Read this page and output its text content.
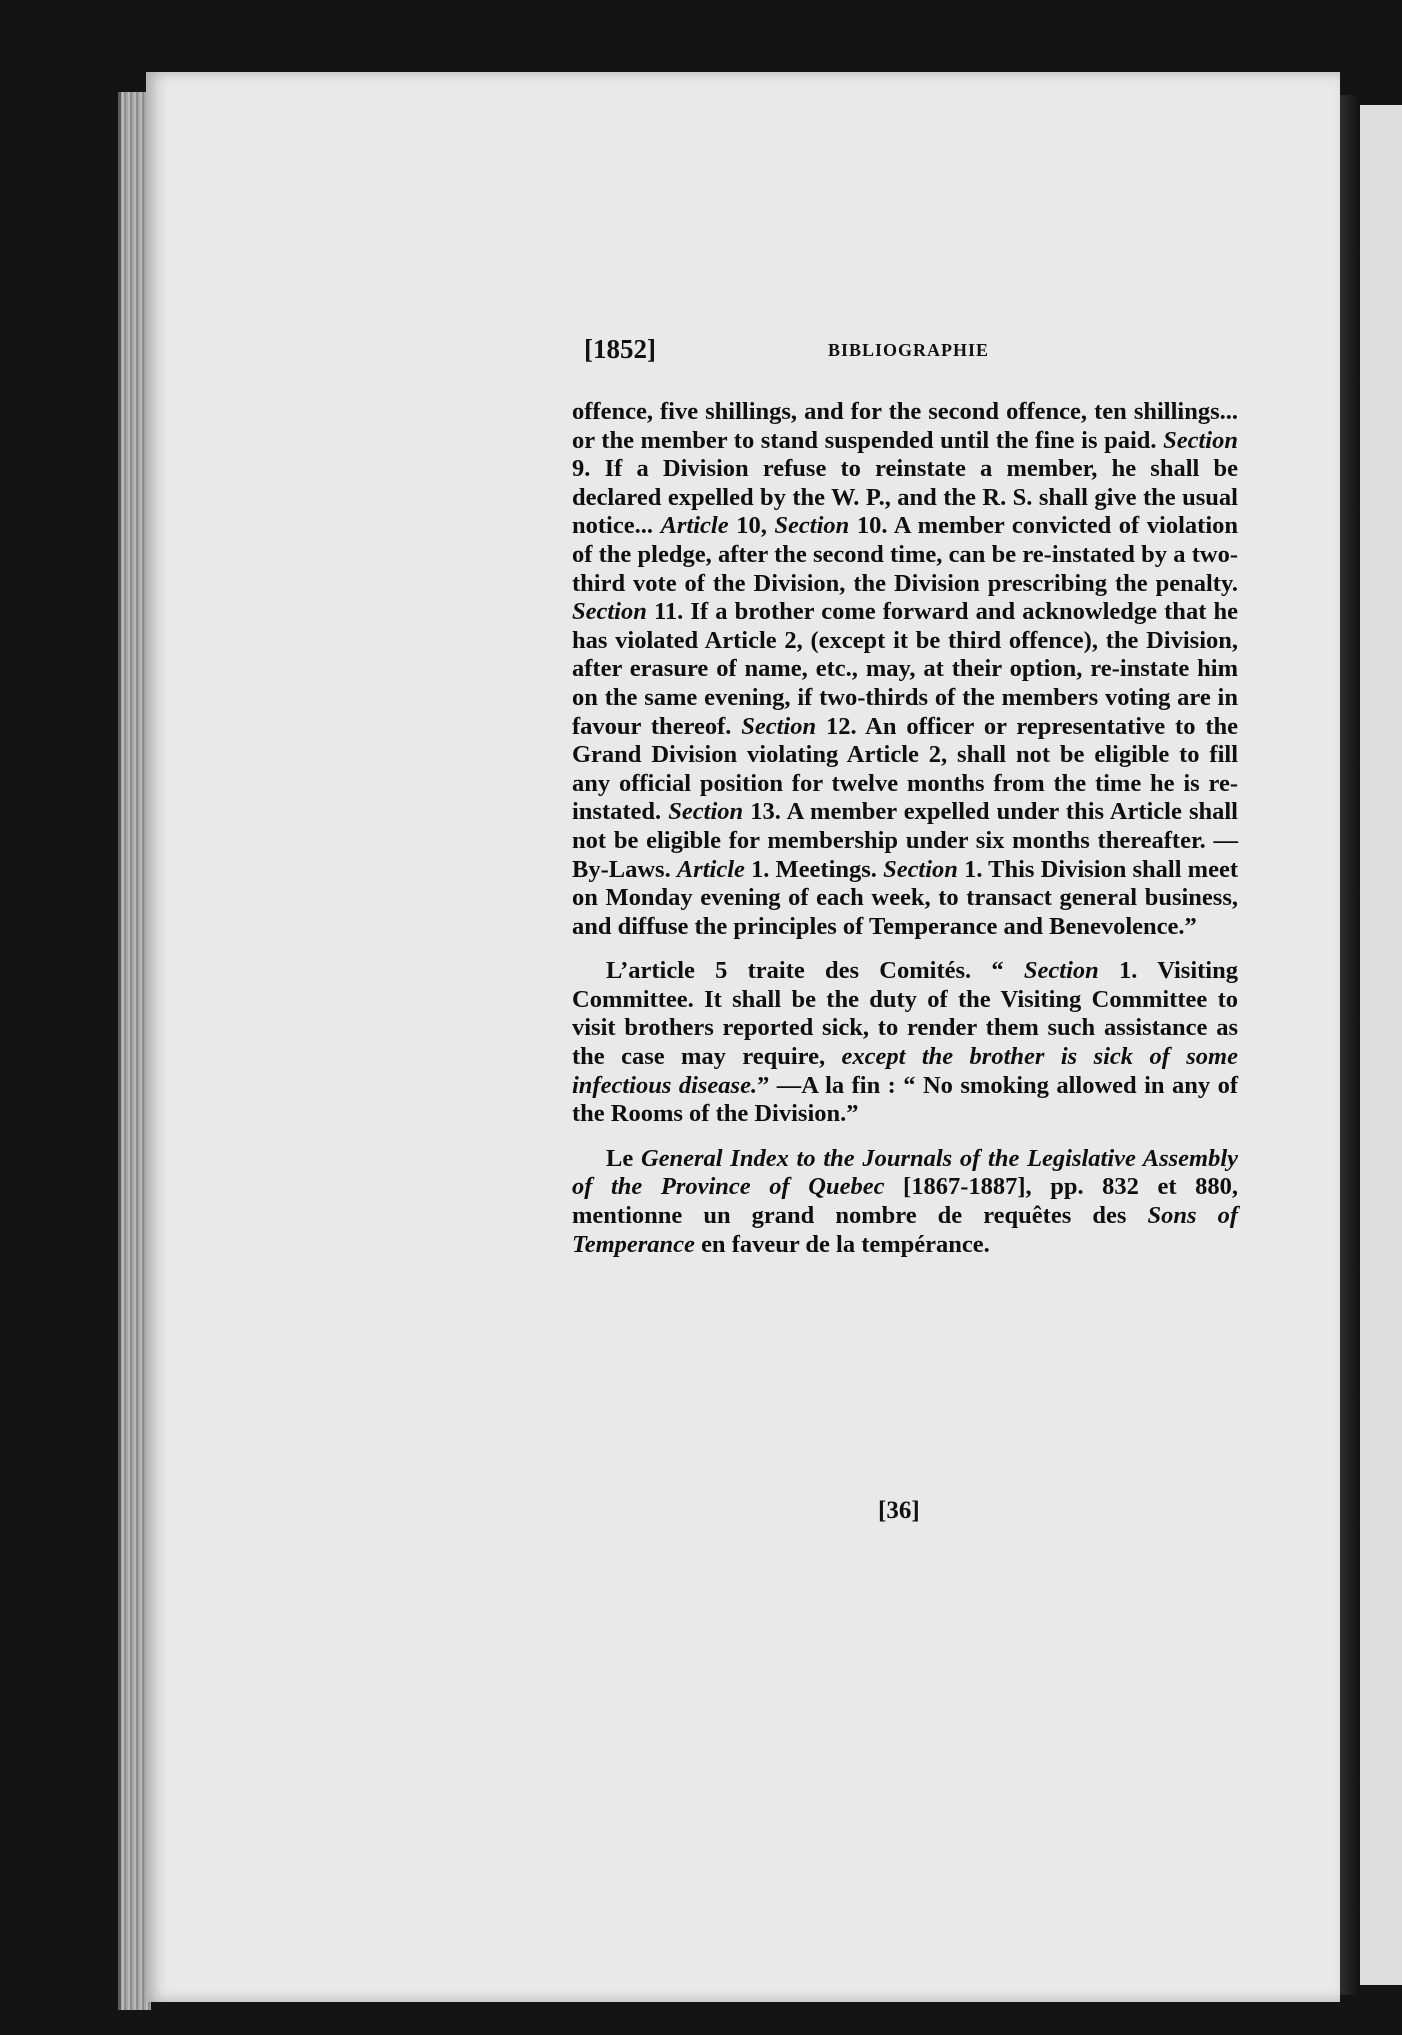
[1852]	BIBLIOGRAPHIE

offence, five shillings, and for the second offence, ten shillings... or the member to stand suspended until the fine is paid. Section 9. If a Division refuse to reinstate a member, he shall be declared expelled by the W. P., and the R. S. shall give the usual notice... Article 10, Section 10. A member convicted of violation of the pledge, after the second time, can be re-instated by a two-third vote of the Division, the Division prescribing the penalty. Section 11. If a brother come forward and acknowledge that he has violated Article 2, (except it be third offence), the Division, after erasure of name, etc., may, at their option, re-instate him on the same evening, if two-thirds of the members voting are in favour thereof. Section 12. An officer or representative to the Grand Division violating Article 2, shall not be eligible to fill any official position for twelve months from the time he is re-instated. Section 13. A member expelled under this Article shall not be eligible for membership under six months thereafter. — By-Laws. Article 1. Meetings. Section 1. This Division shall meet on Monday evening of each week, to transact general business, and diffuse the principles of Temperance and Benevolence.”

L’article 5 traite des Comités. “ Section 1. Visiting Committee. It shall be the duty of the Visiting Committee to visit brothers reported sick, to render them such assistance as the case may require, except the brother is sick of some infectious disease.” —A la fin : “ No smoking allowed in any of the Rooms of the Division.”

Le General Index to the Journals of the Legislative Assembly of the Province of Quebec [1867-1887], pp. 832 et 880, mentionne un grand nombre de requêtes des Sons of Temperance en faveur de la tempérance.

[36]
